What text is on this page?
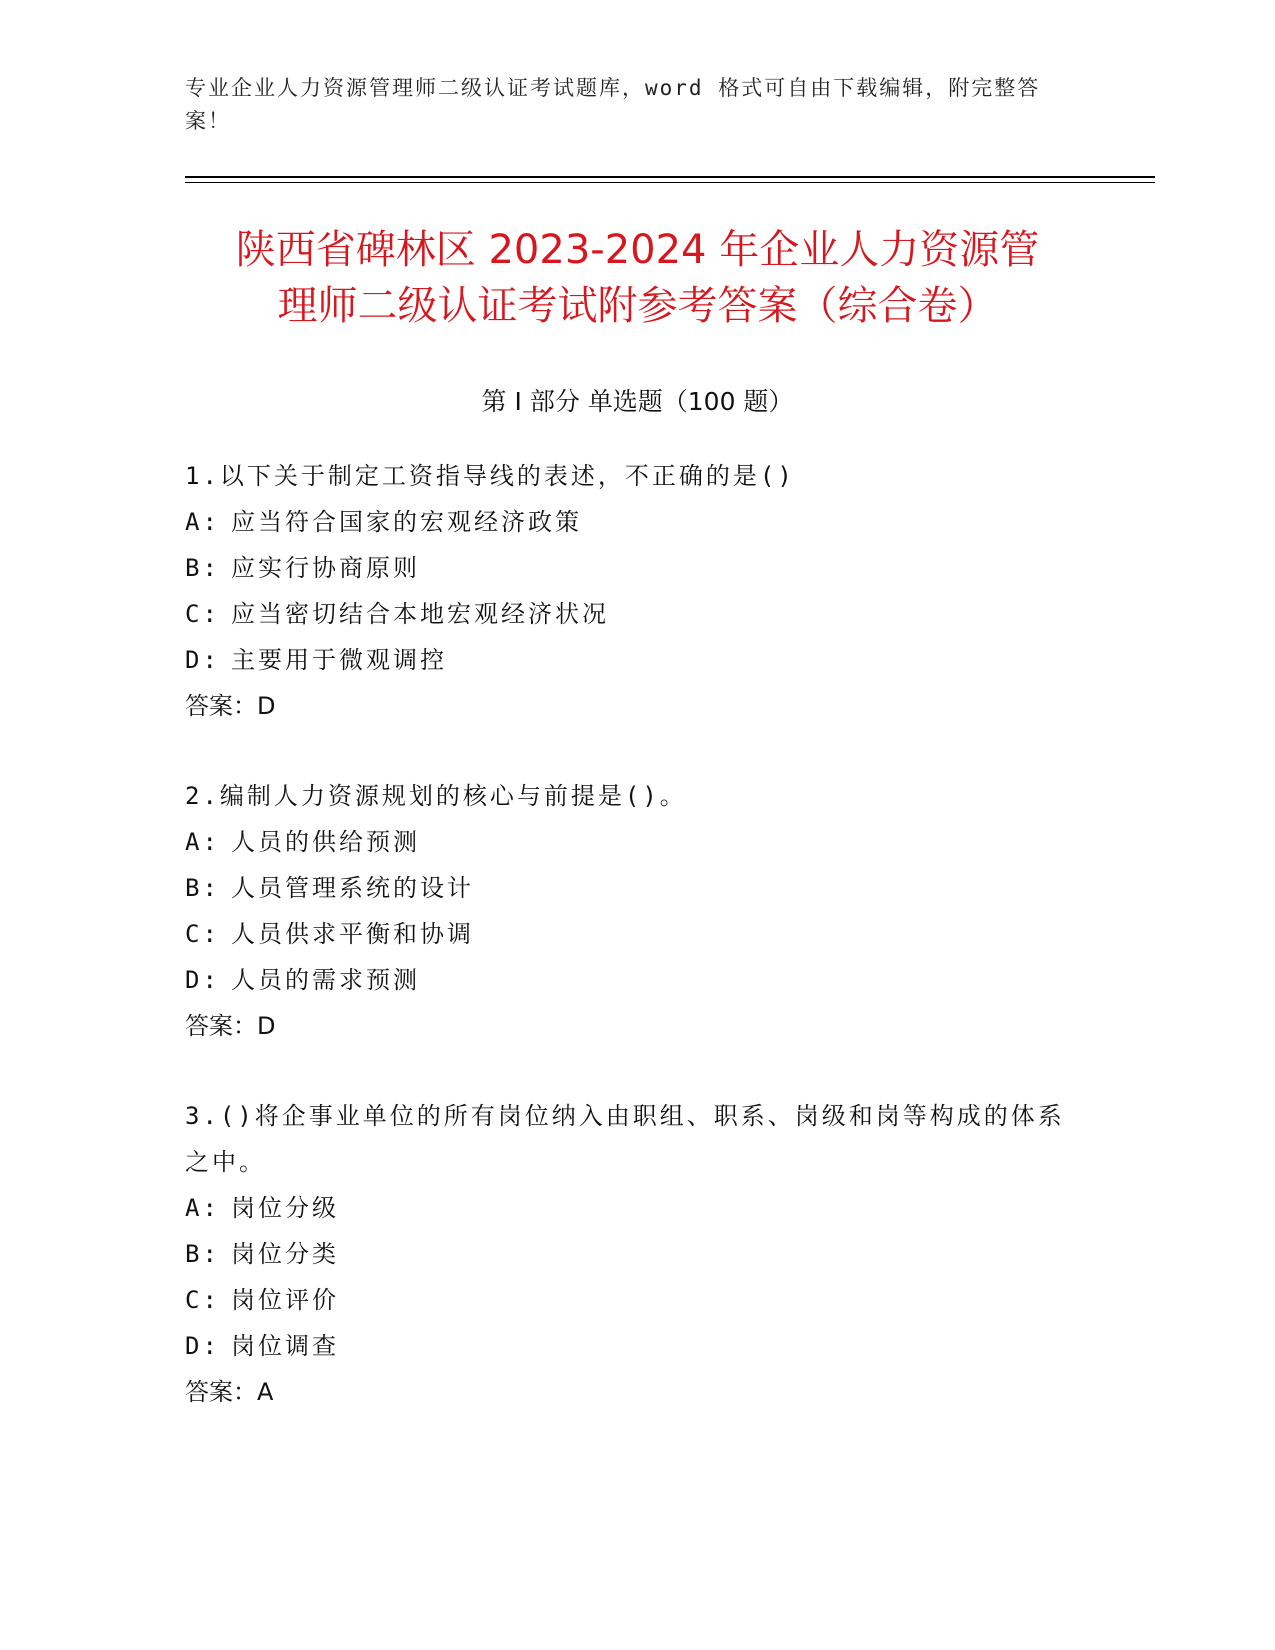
专业企业人力资源管理师二级认证考试题库，word 格式可自由下载编辑，附完整答案！
陕西省碑林区 2023-2024 年企业人力资源管
理师二级认证考试附参考答案（综合卷）
第 I 部分 单选题（100 题）
1.以下关于制定工资指导线的表述，不正确的是()
A: 应当符合国家的宏观经济政策
B: 应实行协商原则
C: 应当密切结合本地宏观经济状况
D: 主要用于微观调控
答案：D
2.编制人力资源规划的核心与前提是()。
A: 人员的供给预测
B: 人员管理系统的设计
C: 人员供求平衡和协调
D: 人员的需求预测
答案：D
3.()将企事业单位的所有岗位纳入由职组、职系、岗级和岗等构成的体系之中。
A: 岗位分级
B: 岗位分类
C: 岗位评价
D: 岗位调查
答案：A
